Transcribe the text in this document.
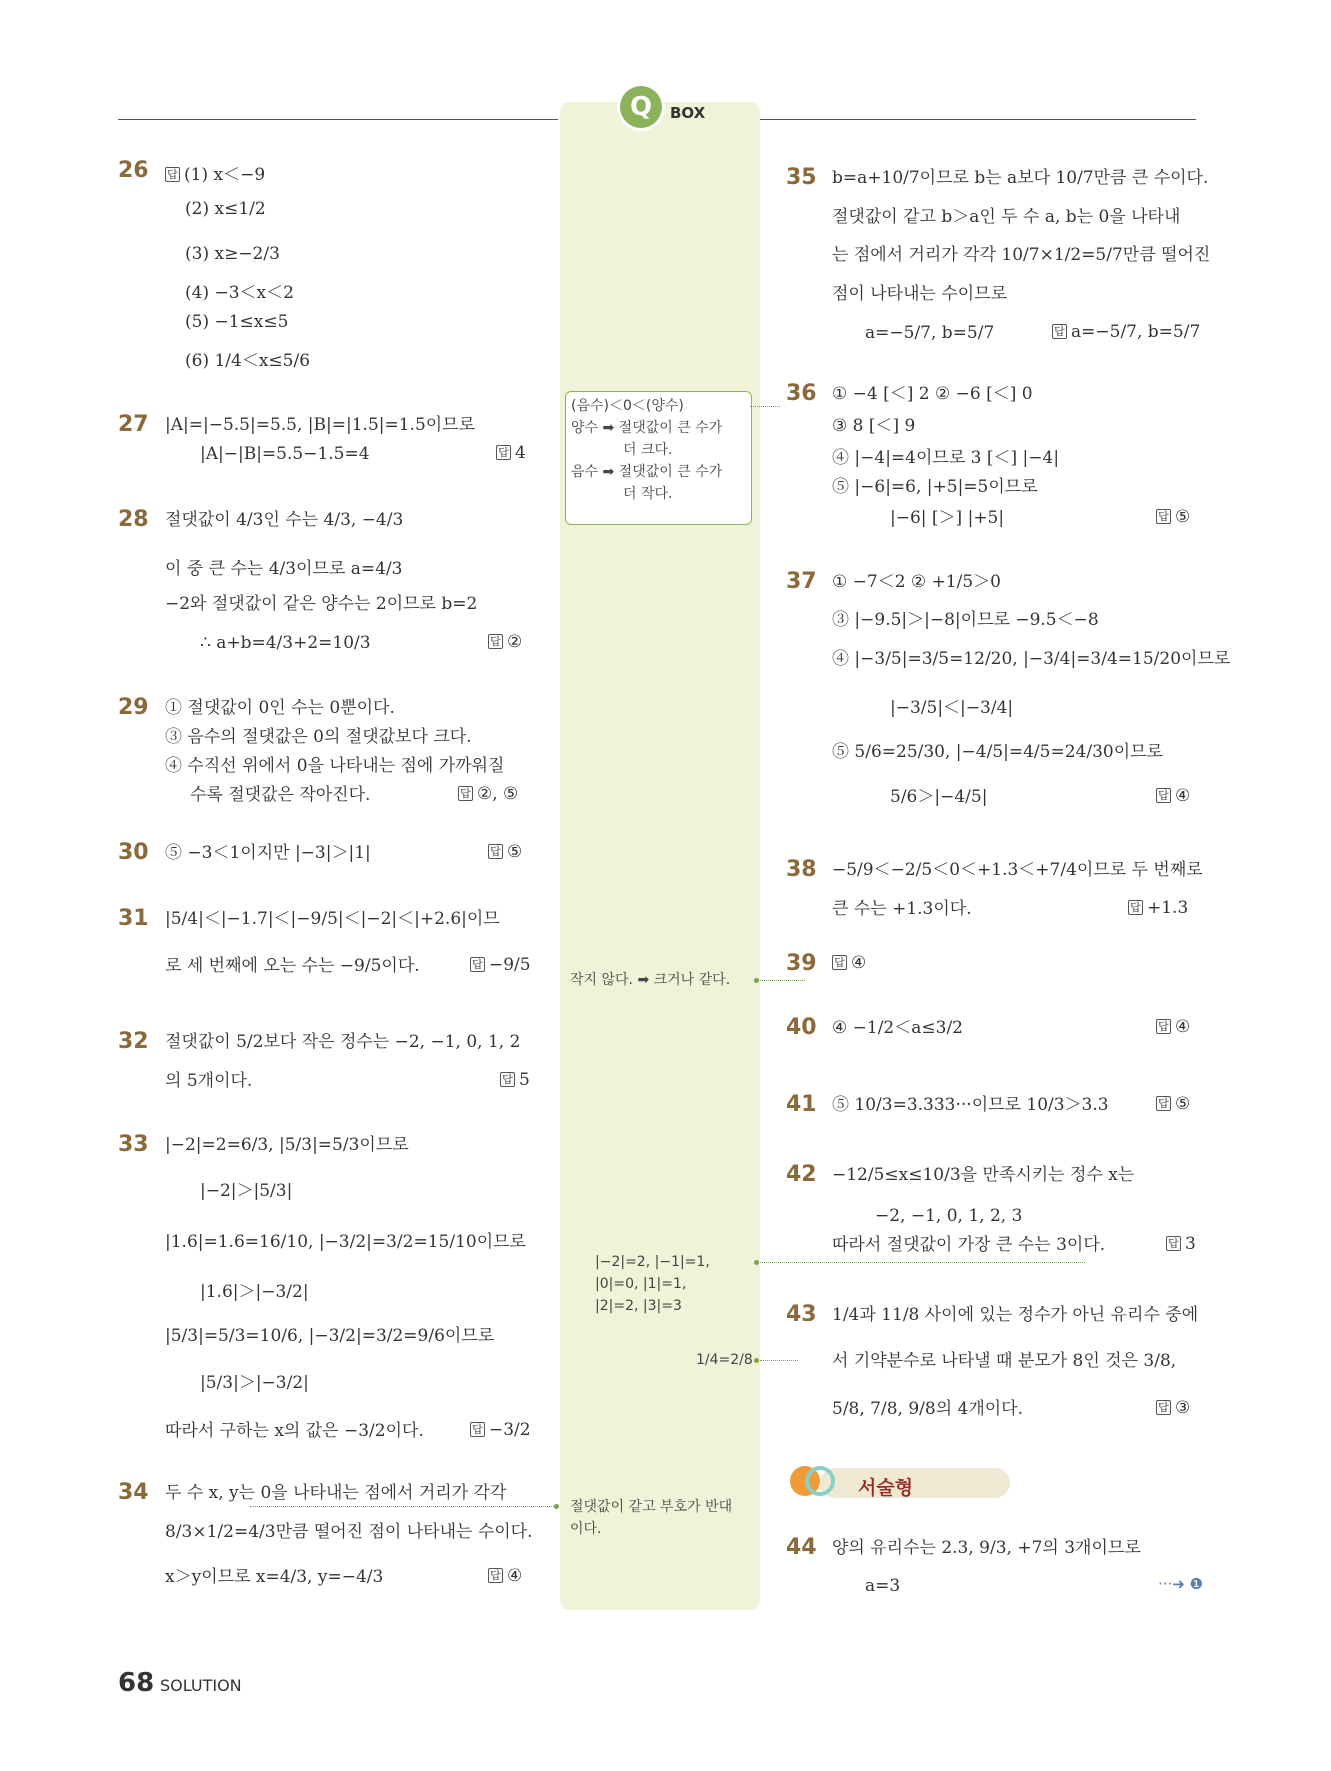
Q	BOX
26	답 (1) x＜−9
(2) x≤1/2
(3) x≥−2/3
(4) −3＜x＜2
(5) −1≤x≤5
(6) 1/4＜x≤5/6
27 |A|=|−5.5|=5.5, |B|=|1.5|=1.5이므로
|A|−|B|=5.5−1.5=4	답 4
28 절댓값이 4/3인 수는 4/3, −4/3
이 중 큰 수는 4/3이므로 a=4/3
−2와 절댓값이 같은 양수는 2이므로 b=2
∴ a+b=4/3+2=10/3	답 ②
29 ① 절댓값이 0인 수는 0뿐이다.
③ 음수의 절댓값은 0의 절댓값보다 크다.
④ 수직선 위에서 0을 나타내는 점에 가까워질
수록 절댓값은 작아진다.	답 ②, ⑤
30 ⑤ −3＜1이지만 |−3|＞|1|	답 ⑤
31 |5/4|＜|−1.7|＜|−9/5|＜|−2|＜|+2.6|이므
로 세 번째에 오는 수는 −9/5이다.	답 −9/5
32 절댓값이 5/2보다 작은 정수는 −2, −1, 0, 1, 2
의 5개이다.	답 5
33 |−2|=2=6/3, |5/3|=5/3이므로
|−2|＞|5/3|
|1.6|=1.6=16/10, |−3/2|=3/2=15/10이므로
|1.6|＞|−3/2|
|5/3|=5/3=10/6, |−3/2|=3/2=9/6이므로
|5/3|＞|−3/2|
따라서 구하는 x의 값은 −3/2이다.	답 −3/2
34 두 수 x, y는 0을 나타내는 점에서 거리가 각각
8/3×1/2=4/3만큼 떨어진 점이 나타내는 수이다.
x＞y이므로 x=4/3, y=−4/3	답 ④
(음수)＜0＜(양수)
양수 ➡ 절댓값이 큰 수가
더 크다.
음수 ➡ 절댓값이 큰 수가
더 작다.
작지 않다. ➡ 크거나 같다.
|−2|=2, |−1|=1,
|0|=0, |1|=1,
|2|=2, |3|=3
1/4=2/8
절댓값이 같고 부호가 반대
이다.
35 b=a+10/7이므로 b는 a보다 10/7만큼 큰 수이다.
절댓값이 같고 b＞a인 두 수 a, b는 0을 나타내
는 점에서 거리가 각각 10/7×1/2=5/7만큼 떨어진
점이 나타내는 수이므로
a=−5/7, b=5/7	답 a=−5/7, b=5/7
36 ① −4 [＜] 2 ② −6 [＜] 0
③ 8 [＜] 9
④ |−4|=4이므로 3 [＜] |−4|
⑤ |−6|=6, |+5|=5이므로
|−6| [＞] |+5|	답 ⑤
37 ① −7＜2 ② +1/5＞0
③ |−9.5|＞|−8|이므로 −9.5＜−8
④ |−3/5|=3/5=12/20, |−3/4|=3/4=15/20이므로
|−3/5|＜|−3/4|
⑤ 5/6=25/30, |−4/5|=4/5=24/30이므로
5/6＞|−4/5|	답 ④
38 −5/9＜−2/5＜0＜+1.3＜+7/4이므로 두 번째로
큰 수는 +1.3이다.	답 +1.3
39	답 ④
40 ④ −1/2＜a≤3/2	답 ④
41 ⑤ 10/3=3.333···이므로 10/3＞3.3	답 ⑤
42 −12/5≤x≤10/3을 만족시키는 정수 x는
−2, −1, 0, 1, 2, 3
따라서 절댓값이 가장 큰 수는 3이다.	답 3
43 1/4과 11/8 사이에 있는 정수가 아닌 유리수 중에
서 기약분수로 나타낼 때 분모가 8인 것은 3/8,
5/8, 7/8, 9/8의 4개이다.	답 ③
서술형
44 양의 유리수는 2.3, 9/3, +7의 3개이므로
a=3	···➜ ❶
68 SOLUTION
